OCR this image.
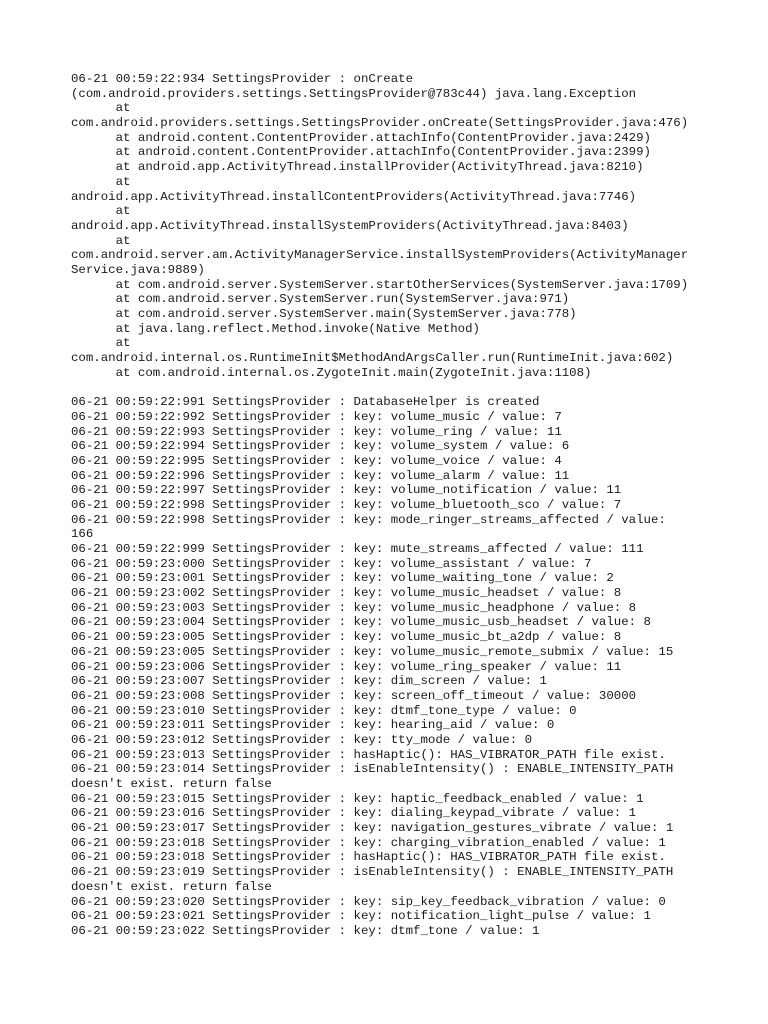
06-21 00:59:22:934 SettingsProvider : onCreate
(com.android.providers.settings.SettingsProvider@783c44) java.lang.Exception
at
com.android.providers.settings.SettingsProvider.onCreate(SettingsProvider.java:476)
at android.content.ContentProvider.attachInfo(ContentProvider.java:2429)
at android.content.ContentProvider.attachInfo(ContentProvider.java:2399)
at android.app.ActivityThread.installProvider(ActivityThread.java:8210)
at
android.app.ActivityThread.installContentProviders(ActivityThread.java:7746)
at
android.app.ActivityThread.installSystemProviders(ActivityThread.java:8403)
at
com.android.server.am.ActivityManagerService.installSystemProviders(ActivityManager
Service.java:9889)
at com.android.server.SystemServer.startOtherServices(SystemServer.java:1709)
at com.android.server.SystemServer.run(SystemServer.java:971)
at com.android.server.SystemServer.main(SystemServer.java:778)
at java.lang.reflect.Method.invoke(Native Method)
at
com.android.internal.os.RuntimeInit$MethodAndArgsCaller.run(RuntimeInit.java:602)
at com.android.internal.os.ZygoteInit.main(ZygoteInit.java:1108)
06-21 00:59:22:991 SettingsProvider : DatabaseHelper is created
06-21 00:59:22:992 SettingsProvider : key: volume_music / value: 7
06-21 00:59:22:993 SettingsProvider : key: volume_ring / value: 11
06-21 00:59:22:994 SettingsProvider : key: volume_system / value: 6
06-21 00:59:22:995 SettingsProvider : key: volume_voice / value: 4
06-21 00:59:22:996 SettingsProvider : key: volume_alarm / value: 11
06-21 00:59:22:997 SettingsProvider : key: volume_notification / value: 11
06-21 00:59:22:998 SettingsProvider : key: volume_bluetooth_sco / value: 7
06-21 00:59:22:998 SettingsProvider : key: mode_ringer_streams_affected / value:
166
06-21 00:59:22:999 SettingsProvider : key: mute_streams_affected / value: 111
06-21 00:59:23:000 SettingsProvider : key: volume_assistant / value: 7
06-21 00:59:23:001 SettingsProvider : key: volume_waiting_tone / value: 2
06-21 00:59:23:002 SettingsProvider : key: volume_music_headset / value: 8
06-21 00:59:23:003 SettingsProvider : key: volume_music_headphone / value: 8
06-21 00:59:23:004 SettingsProvider : key: volume_music_usb_headset / value: 8
06-21 00:59:23:005 SettingsProvider : key: volume_music_bt_a2dp / value: 8
06-21 00:59:23:005 SettingsProvider : key: volume_music_remote_submix / value: 15
06-21 00:59:23:006 SettingsProvider : key: volume_ring_speaker / value: 11
06-21 00:59:23:007 SettingsProvider : key: dim_screen / value: 1
06-21 00:59:23:008 SettingsProvider : key: screen_off_timeout / value: 30000
06-21 00:59:23:010 SettingsProvider : key: dtmf_tone_type / value: 0
06-21 00:59:23:011 SettingsProvider : key: hearing_aid / value: 0
06-21 00:59:23:012 SettingsProvider : key: tty_mode / value: 0
06-21 00:59:23:013 SettingsProvider : hasHaptic(): HAS_VIBRATOR_PATH file exist.
06-21 00:59:23:014 SettingsProvider : isEnableIntensity() : ENABLE_INTENSITY_PATH
doesn't exist. return false
06-21 00:59:23:015 SettingsProvider : key: haptic_feedback_enabled / value: 1
06-21 00:59:23:016 SettingsProvider : key: dialing_keypad_vibrate / value: 1
06-21 00:59:23:017 SettingsProvider : key: navigation_gestures_vibrate / value: 1
06-21 00:59:23:018 SettingsProvider : key: charging_vibration_enabled / value: 1
06-21 00:59:23:018 SettingsProvider : hasHaptic(): HAS_VIBRATOR_PATH file exist.
06-21 00:59:23:019 SettingsProvider : isEnableIntensity() : ENABLE_INTENSITY_PATH
doesn't exist. return false
06-21 00:59:23:020 SettingsProvider : key: sip_key_feedback_vibration / value: 0
06-21 00:59:23:021 SettingsProvider : key: notification_light_pulse / value: 1
06-21 00:59:23:022 SettingsProvider : key: dtmf_tone / value: 1
